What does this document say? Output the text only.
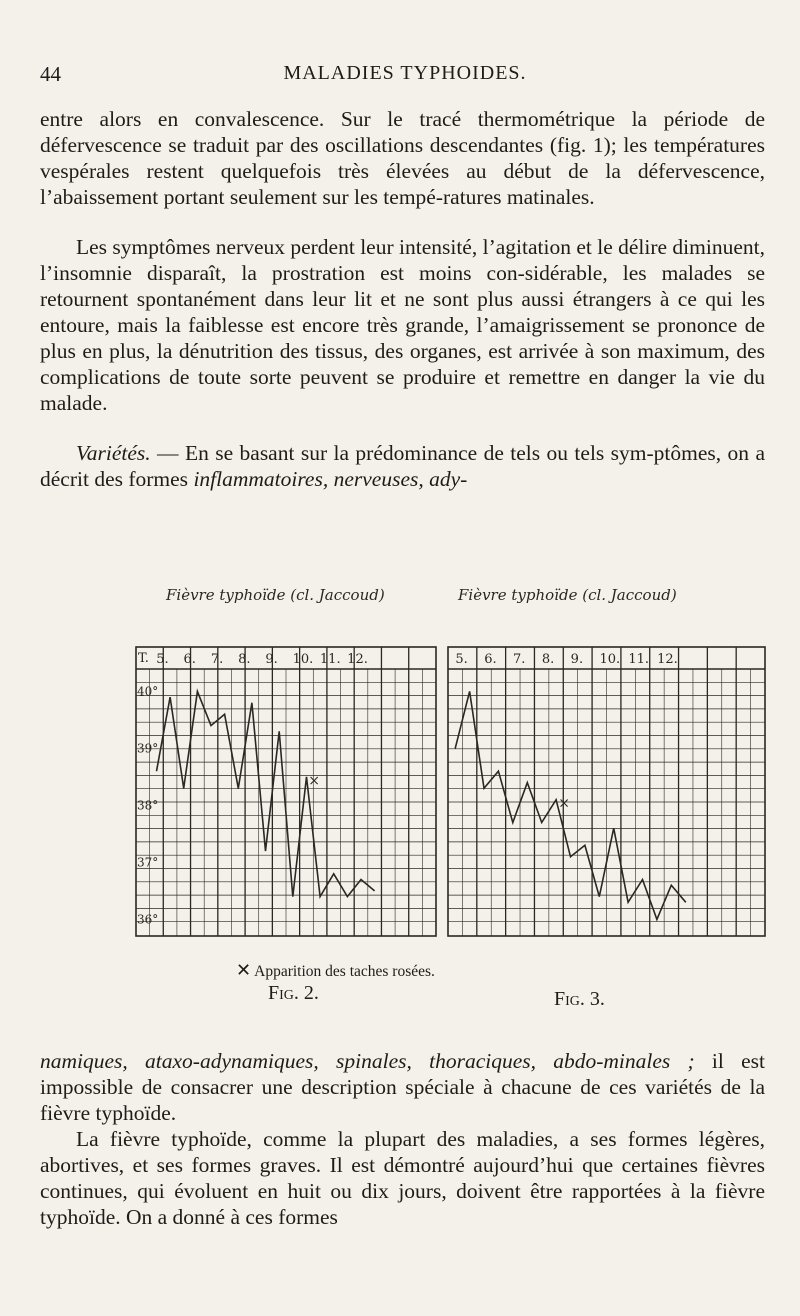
44	MALADIES TYPHOIDES.

entre alors en convalescence. Sur le tracé thermométrique la période de défervescence se traduit par des oscillations descendantes (fig. 1); les températures vespérales restent quelquefois très élevées au début de la défervescence, l’abaissement portant seulement sur les tempé-ratures matinales.

Les symptômes nerveux perdent leur intensité, l’agitation et le délire diminuent, l’insomnie disparaît, la prostration est moins con-sidérable, les malades se retournent spontanément dans leur lit et ne sont plus aussi étrangers à ce qui les entoure, mais la faiblesse est encore très grande, l’amaigrissement se prononce de plus en plus, la dénutrition des tissus, des organes, est arrivée à son maximum, des complications de toute sorte peuvent se produire et remettre en danger la vie du malade.

Variétés. — En se basant sur la prédominance de tels ou tels sym-ptômes, on a décrit des formes inflammatoires, nerveuses, ady-

Fièvre typhoïde (cl. Jaccoud)
5. 6. 7. 8. 9. 10. 11. 12.
×
T.
40°
39°
38°
37°
36°
Fièvre typhoïde (cl. Jaccoud)
5. 6. 7. 8. 9. 10. 11. 12.
×
✕ Apparition des taches rosées.
Fig. 2.	Fig. 3.

namiques, ataxo-adynamiques, spinales, thoraciques, abdo-minales ; il est impossible de consacrer une description spéciale à chacune de ces variétés de la fièvre typhoïde.

La fièvre typhoïde, comme la plupart des maladies, a ses formes légères, abortives, et ses formes graves. Il est démontré aujourd’hui que certaines fièvres continues, qui évoluent en huit ou dix jours, doivent être rapportées à la fièvre typhoïde. On a donné à ces formes
